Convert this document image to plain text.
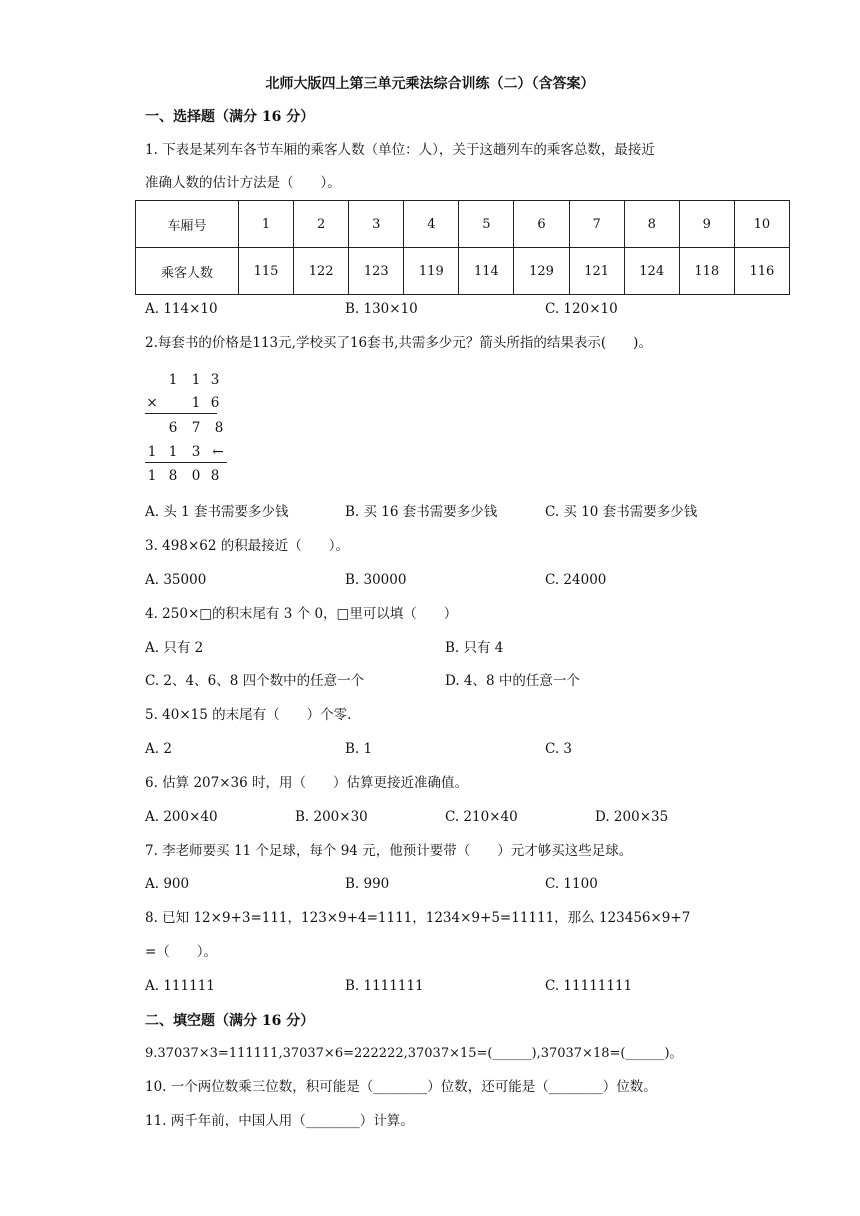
北师大版四上第三单元乘法综合训练（二）（含答案）
一、选择题（满分 16 分）
1. 下表是某列车各节车厢的乘客人数（单位：人），关于这趟列车的乘客总数，最接近
准确人数的估计方法是（　　）。
车厢号	1	2	3	4	5	6	7	8	9	10
乘客人数	115	122	123	119	114	129	121	124	118	116
A. 114×10	B. 130×10	C. 120×10
2.每套书的价格是113元,学校买了16套书,共需多少元？箭头所指的结果表示(　　)。
1 1 3
×	1 6
6 7 8
1 1 3 ←
1 8 0 8
A. 头 1 套书需要多少钱	B. 买 16 套书需要多少钱	C. 买 10 套书需要多少钱
3. 498×62 的积最接近（　　）。
A. 35000	B. 30000	C. 24000
4. 250×□的积末尾有 3 个 0，□里可以填（　　）
A. 只有 2	B. 只有 4
C. 2、4、6、8 四个数中的任意一个	D. 4、8 中的任意一个
5. 40×15 的末尾有（　　）个零.
A. 2	B. 1	C. 3
6. 估算 207×36 时，用（　　）估算更接近准确值。
A. 200×40	B. 200×30	C. 210×40	D. 200×35
7. 李老师要买 11 个足球，每个 94 元，他预计要带（　　）元才够买这些足球。
A. 900	B. 990	C. 1100
8. 已知 12×9+3=111，123×9+4=1111，1234×9+5=11111，那么 123456×9+7
=（　　）。
A. 111111	B. 1111111	C. 11111111
二、填空题（满分 16 分）
9.37037×3=111111,37037×6=222222,37037×15=(______),37037×18=(______)。
10. 一个两位数乘三位数，积可能是（________）位数，还可能是（________）位数。
11. 两千年前，中国人用（________）计算。
